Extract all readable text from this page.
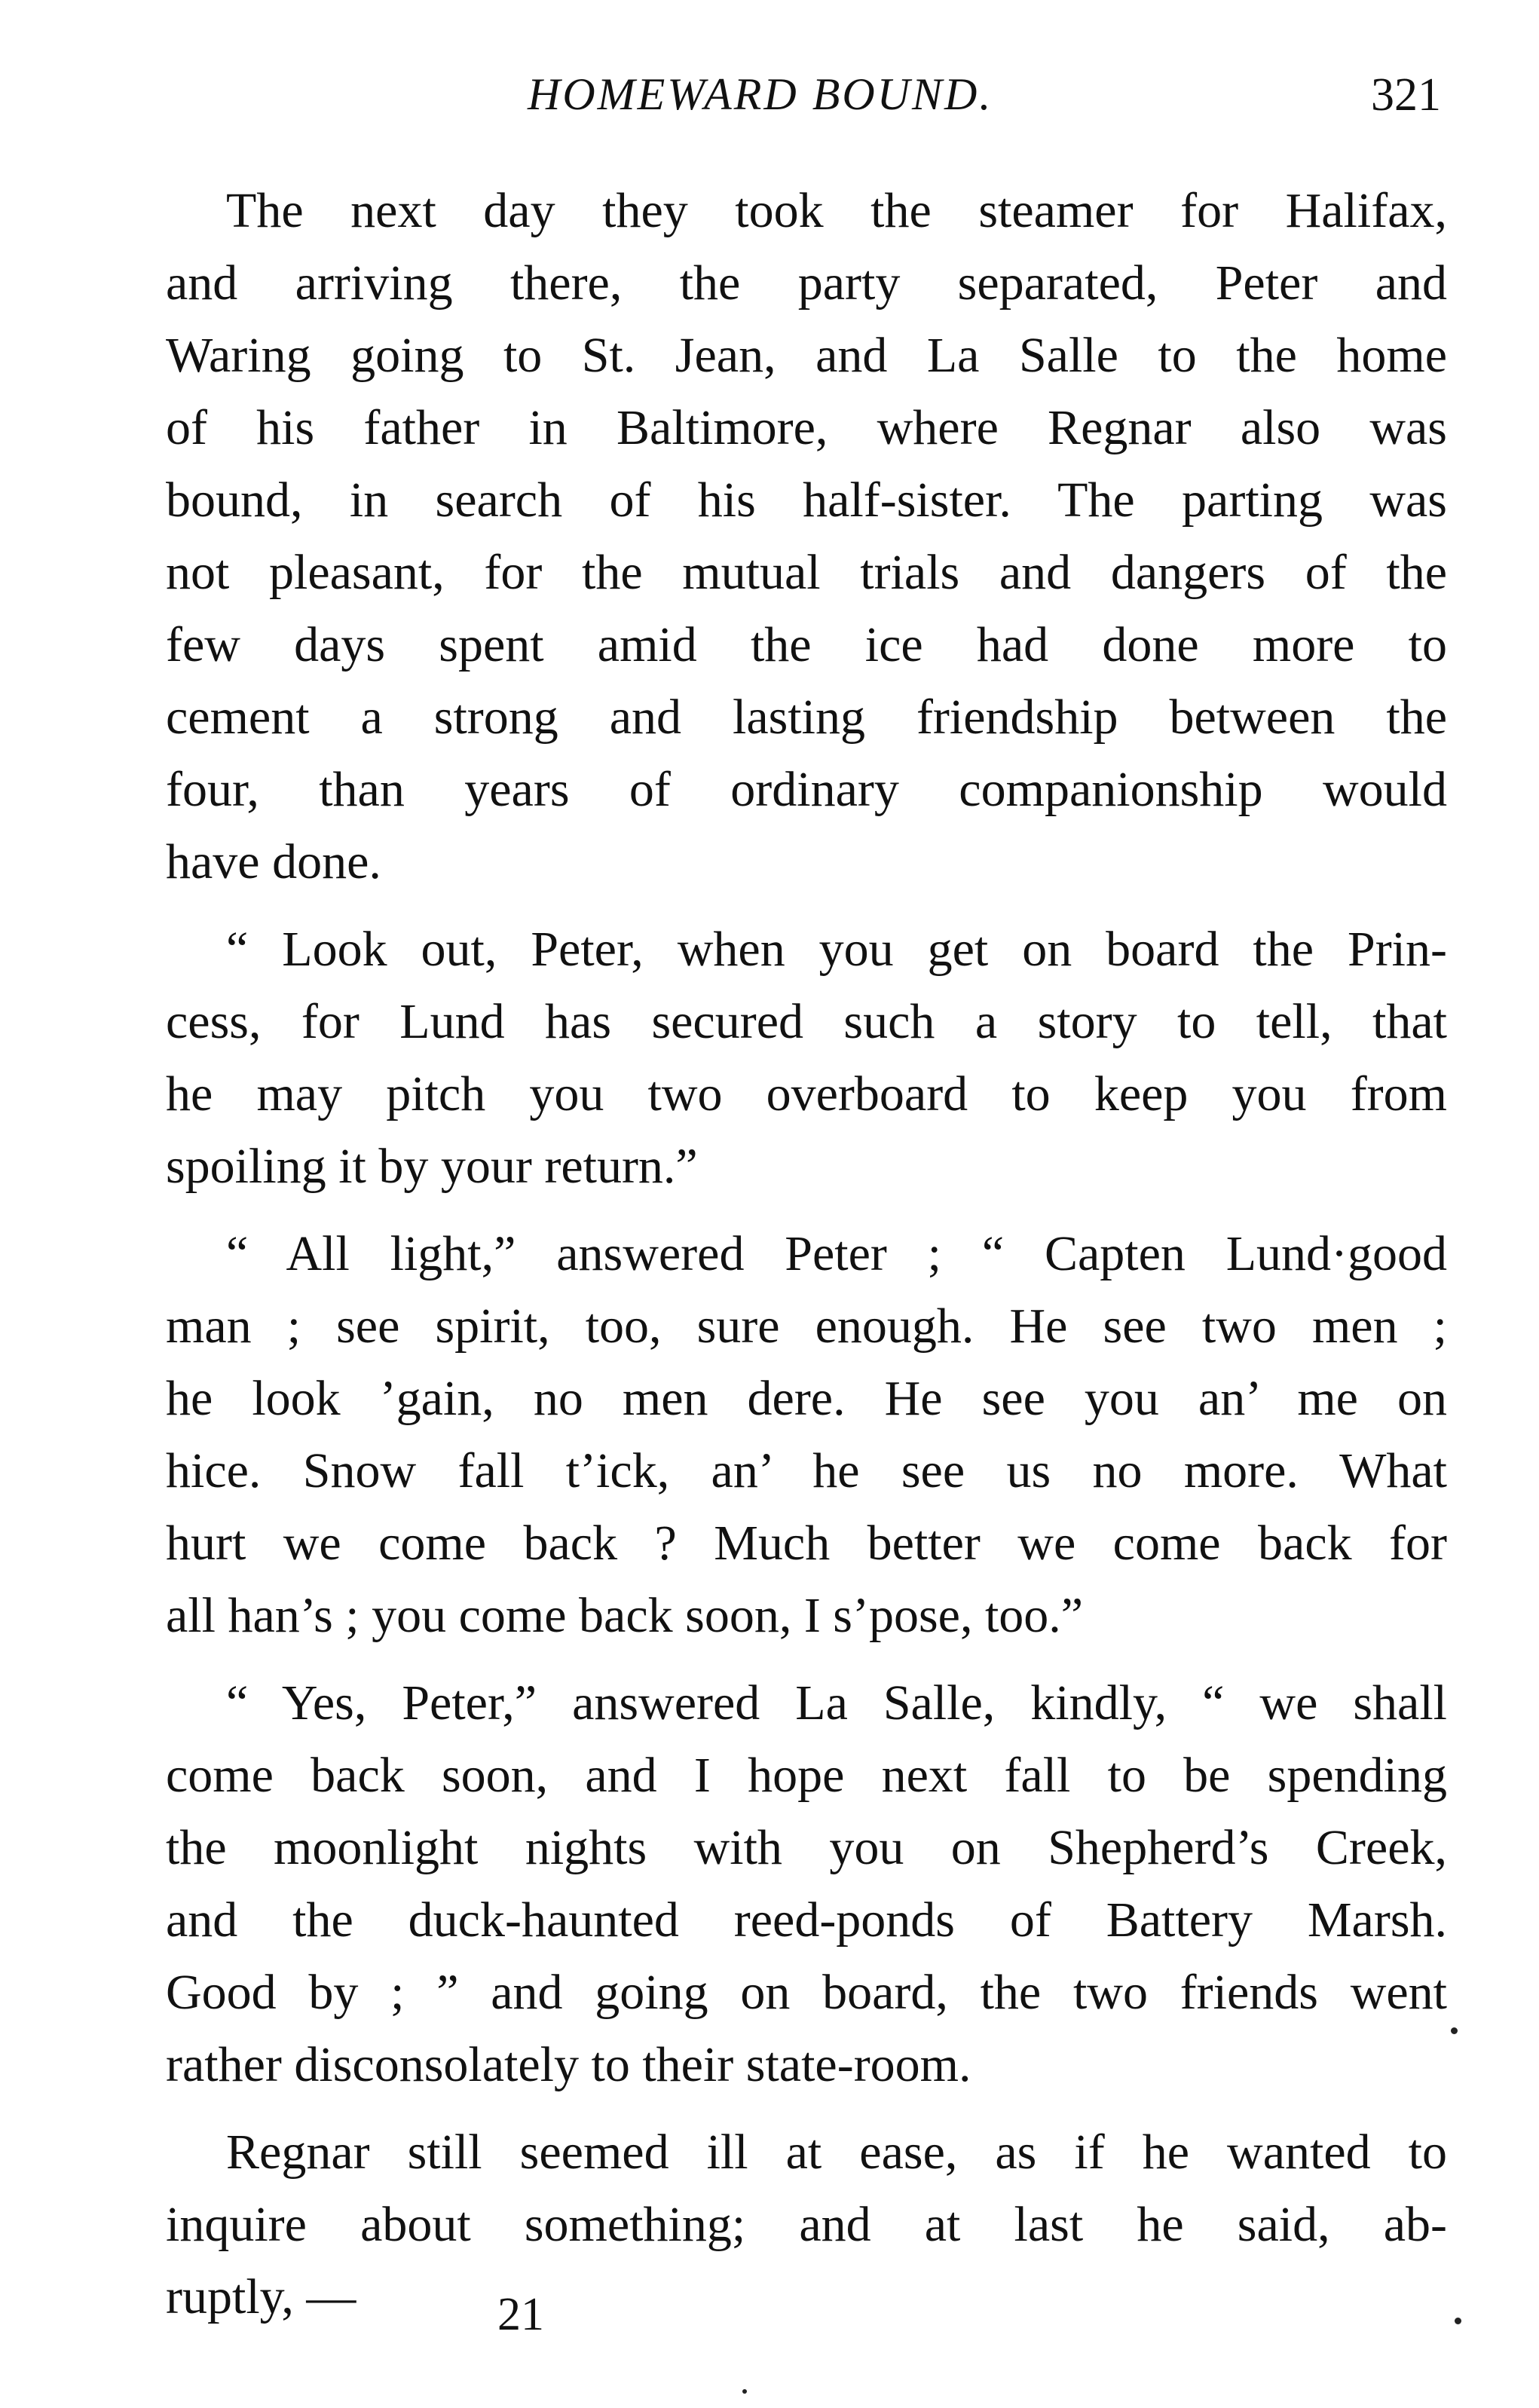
HOMEWARD BOUND.	321

The next day they took the steamer for Halifax,
and arriving there, the party separated, Peter and
Waring going to St. Jean, and La Salle to the home
of his father in Baltimore, where Regnar also was
bound, in search of his half-sister. The parting was
not pleasant, for the mutual trials and dangers of the
few days spent amid the ice had done more to
cement a strong and lasting friendship between the
four, than years of ordinary companionship would
have done.

“ Look out, Peter, when you get on board the Prin-
cess, for Lund has secured such a story to tell, that
he may pitch you two overboard to keep you from
spoiling it by your return.”

“ All light,” answered Peter ; “ Capten Lund·good
man ; see spirit, too, sure enough. He see two men ;
he look ’gain, no men dere. He see you an’ me on
hice. Snow fall t’ick, an’ he see us no more. What
hurt we come back ? Much better we come back for
all han’s ; you come back soon, I s’pose, too.”

“ Yes, Peter,” answered La Salle, kindly, “ we shall
come back soon, and I hope next fall to be spending
the moonlight nights with you on Shepherd’s Creek,
and the duck-haunted reed-ponds of Battery Marsh.
Good by ; ” and going on board, the two friends went
rather disconsolately to their state-room.

Regnar still seemed ill at ease, as if he wanted to
inquire about something; and at last he said, ab-
ruptly, —	21
